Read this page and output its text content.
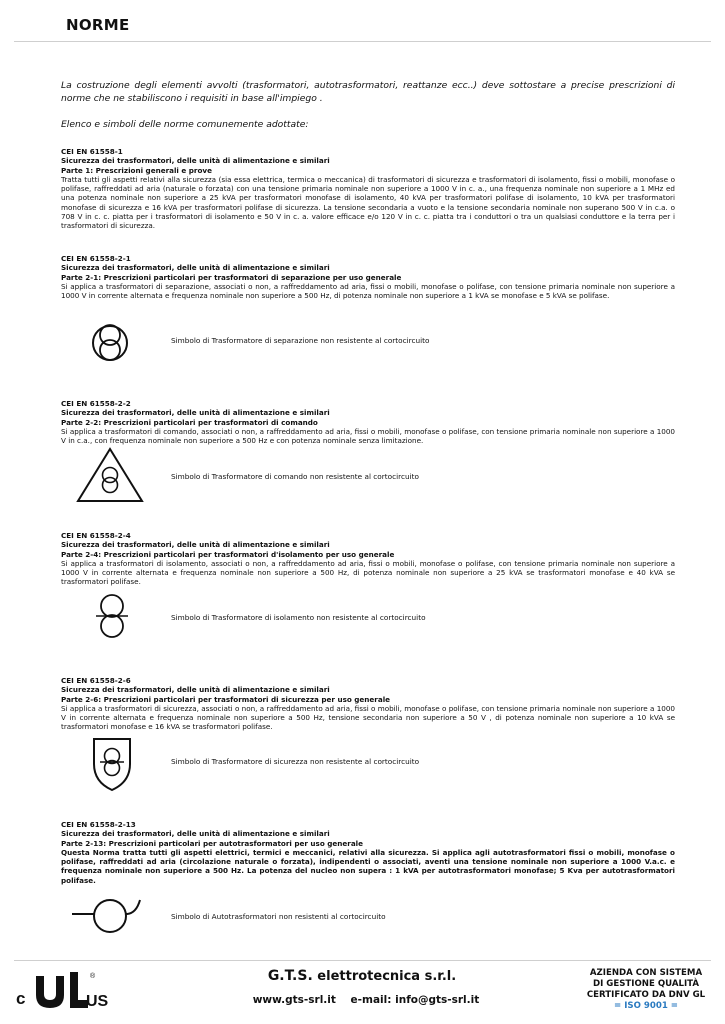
NORME
La costruzione degli elementi avvolti (trasformatori, autotrasformatori, reattanze ecc..) deve sottostare a precise prescrizioni di norme che ne stabiliscono i requisiti in base all'impiego .
Elenco e simboli delle norme comunemente adottate:
CEI EN 61558-1
Sicurezza dei trasformatori, delle unità di alimentazione e similari
Parte 1: Prescrizioni generali e prove
Tratta tutti gli aspetti relativi alla sicurezza (sia essa elettrica, termica o meccanica) di trasformatori di sicurezza e trasformatori di isolamento, fissi o mobili, monofase o polifase, raffreddati ad aria (naturale o forzata) con una tensione primaria nominale non superiore a 1000 V in c. a., una frequenza nominale non superiore a 1 MHz ed una potenza nominale non superiore a 25 kVA per trasformatori monofase di isolamento, 40 kVA per trasformatori polifase di isolamento, 10 kVA per trasformatori monofase di sicurezza e 16 kVA per trasformatori polifase di sicurezza. La tensione secondaria a vuoto e la tensione secondaria nominale non superano 500 V in c.a. o 708 V in c. c. piatta per i trasformatori di isolamento e 50 V in c. a. valore efficace e/o 120 V in c. c. piatta tra i conduttori o tra un qualsiasi conduttore e la terra per i trasformatori di sicurezza.
CEI EN 61558-2-1
Sicurezza dei trasformatori, delle unità di alimentazione e similari
Parte 2-1: Prescrizioni particolari per trasformatori di separazione per uso generale
Si applica a trasformatori di separazione, associati o non, a raffreddamento ad aria, fissi o mobili, monofase o polifase, con tensione primaria nominale non superiore a 1000 V in corrente alternata e frequenza nominale non superiore a 500 Hz, di potenza nominale non superiore a 1 kVA se monofase e 5 kVA se polifase.
Simbolo di Trasformatore di separazione non resistente al cortocircuito
CEI EN 61558-2-2
Sicurezza dei trasformatori, delle unità di alimentazione e similari
Parte 2-2: Prescrizioni particolari per trasformatori di comando
Si applica a trasformatori di comando, associati o non, a raffreddamento ad aria, fissi o mobili, monofase o polifase, con tensione primaria nominale non superiore a 1000 V in c.a., con frequenza nominale non superiore a 500 Hz e con potenza nominale senza limitazione.
Simbolo di Trasformatore di comando non resistente al cortocircuito
CEI EN 61558-2-4
Sicurezza dei trasformatori, delle unità di alimentazione e similari
Parte 2-4: Prescrizioni particolari per trasformatori d'isolamento per uso generale
Si applica a trasformatori di isolamento, associati o non, a raffreddamento ad aria, fissi o mobili, monofase o polifase, con tensione primaria nominale non superiore a 1000 V in corrente alternata e frequenza nominale non superiore a 500 Hz, di potenza nominale non superiore a 25 kVA se trasformatori monofase e 40 kVA se trasformatori polifase.
Simbolo di Trasformatore di isolamento non resistente al cortocircuito
CEI EN 61558-2-6
Sicurezza dei trasformatori, delle unità di alimentazione e similari
Parte 2-6: Prescrizioni particolari per trasformatori di sicurezza per uso generale
Si applica a trasformatori di sicurezza, associati o non, a raffreddamento ad aria, fissi o mobili, monofase o polifase, con tensione primaria nominale non superiore a 1000 V in corrente alternata e frequenza nominale non superiore a 500 Hz, tensione secondaria non superiore a 50 V , di potenza nominale non superiore a 10 kVA se trasformatori monofase e 16 kVA se trasformatori polifase.
Simbolo di Trasformatore di sicurezza non resistente al cortocircuito
CEI EN 61558-2-13
Sicurezza dei trasformatori, delle unità di alimentazione e similari
Parte 2-13: Prescrizioni particolari per autotrasformatori per uso generale
Questa Norma tratta tutti gli aspetti elettrici, termici e meccanici, relativi alla sicurezza. Si applica agli autotrasformatori fissi o mobili, monofase o polifase, raffreddati ad aria (circolazione naturale o forzata), indipendenti o associati, aventi una tensione nominale non superiore a 1000 V.a.c. e frequenza nominale non superiore a 500 Hz. La potenza del nucleo non supera : 1 kVA per autotrasformatori monofase; 5 Kva per autotrasformatori polifase.
Simbolo di Autotrasformatori non resistenti al cortocircuito
c
®
US
G.T.S. elettrotecnica s.r.l.
www.gts-srl.it e-mail: info@gts-srl.it
AZIENDA CON SISTEMA
DI GESTIONE QUALITÀ
CERTIFICATO DA DNV GL
= ISO 9001 =
